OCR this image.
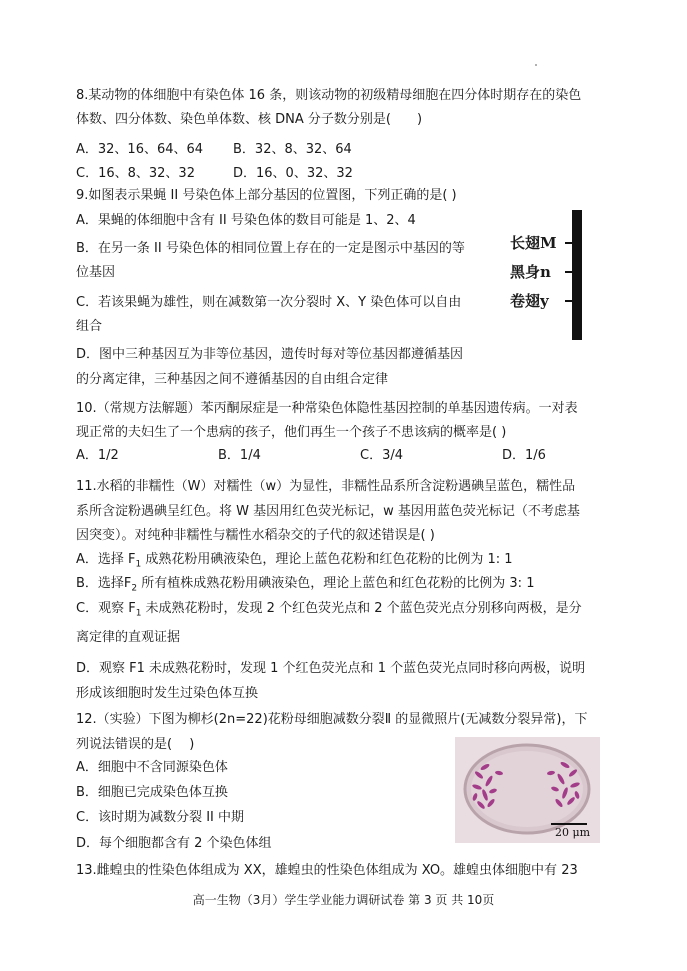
8.某动物的体细胞中有染色体 16 条，则该动物的初级精母细胞在四分体时期存在的染色
体数、四分体数、染色单体数、核 DNA 分子数分别是(　　)
A．32、16、64、64 B．32、8、32、64
C．16、8、32、32	D．16、0、32、32
9.如图表示果蝇 II 号染色体上部分基因的位置图，下列正确的是( )
A．果蝇的体细胞中含有 II 号染色体的数目可能是 1、2、4
B．在另一条 II 号染色体的相同位置上存在的一定是图示中基因的等
位基因
C．若该果蝇为雄性，则在减数第一次分裂时 X、Y 染色体可以自由
组合
D．图中三种基因互为非等位基因，遗传时每对等位基因都遵循基因
的分离定律，三种基因之间不遵循基因的自由组合定律
长翅M
黑身n
卷翅y
10.（常规方法解题）苯丙酮尿症是一种常染色体隐性基因控制的单基因遗传病。一对表
现正常的夫妇生了一个患病的孩子，他们再生一个孩子不患该病的概率是( )
A．1/2	B．1/4	C．3/4	D．1/6
11.水稻的非糯性（W）对糯性（w）为显性，非糯性品系所含淀粉遇碘呈蓝色，糯性品
系所含淀粉遇碘呈红色。将 W 基因用红色荧光标记，w 基因用蓝色荧光标记（不考虑基
因突变）。对纯种非糯性与糯性水稻杂交的子代的叙述错误是( )
A．选择 $F_1$ 成熟花粉用碘液染色，理论上蓝色花粉和红色花粉的比例为 1: 1
B．选择$F_2$ 所有植株成熟花粉用碘液染色，理论上蓝色和红色花粉的比例为 3: 1
C．观察 $F_1$ 未成熟花粉时，发现 2 个红色荧光点和 2 个蓝色荧光点分别移向两极，是分
离定律的直观证据
D．观察 F1 未成熟花粉时，发现 1 个红色荧光点和 1 个蓝色荧光点同时移向两极，说明
形成该细胞时发生过染色体互换
12.（实验）下图为柳杉(2n=22)花粉母细胞减数分裂Ⅱ 的显微照片(无减数分裂异常)，下
列说法错误的是(　 )
A．细胞中不含同源染色体
B．细胞已完成染色体互换
C．该时期为减数分裂 II 中期
D．每个细胞都含有 2 个染色体组
20 μm
13.雌蝗虫的性染色体组成为 XX，雄蝗虫的性染色体组成为 XO。雄蝗虫体细胞中有 23
高一生物（3月）学生学业能力调研试卷 第 3 页 共 10页
